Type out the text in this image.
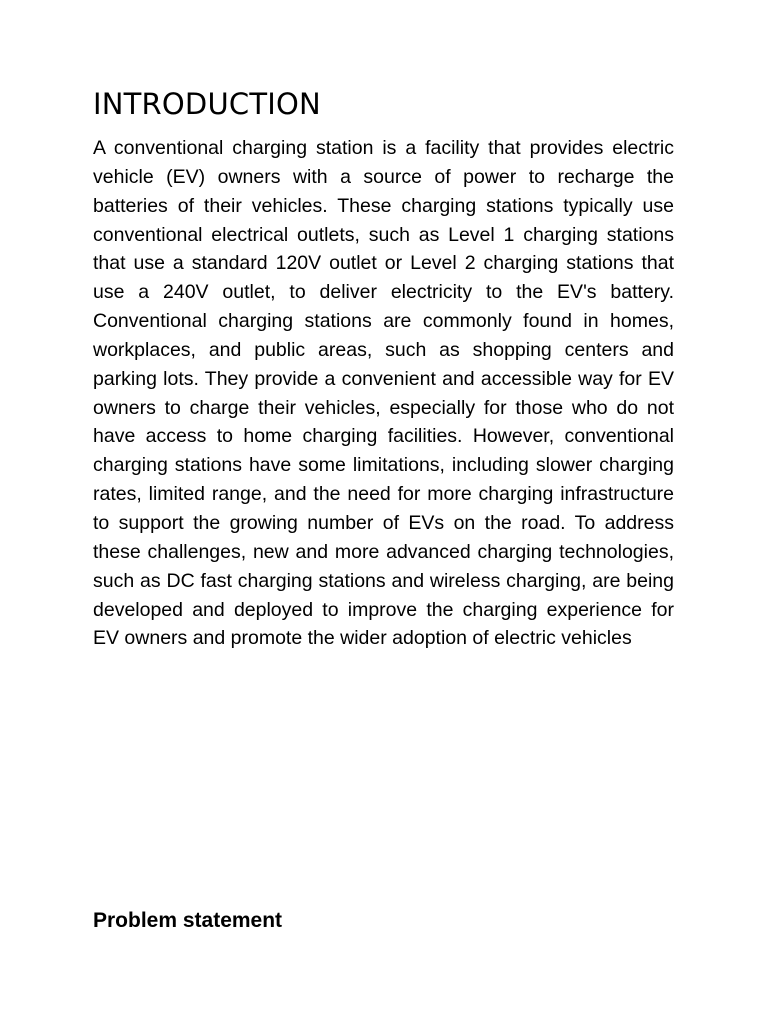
INTRODUCTION

A conventional charging station is a facility that provides electric vehicle (EV) owners with a source of power to recharge the batteries of their vehicles. These charging stations typically use conventional electrical outlets, such as Level 1 charging stations that use a standard 120V outlet or Level 2 charging stations that use a 240V outlet, to deliver electricity to the EV's battery. Conventional charging stations are commonly found in homes, workplaces, and public areas, such as shopping centers and parking lots. They provide a convenient and accessible way for EV owners to charge their vehicles, especially for those who do not have access to home charging facilities. However, conventional charging stations have some limitations, including slower charging rates, limited range, and the need for more charging infrastructure to support the growing number of EVs on the road. To address these challenges, new and more advanced charging technologies, such as DC fast charging stations and wireless charging, are being developed and deployed to improve the charging experience for EV owners and promote the wider adoption of electric vehicles

Problem statement
